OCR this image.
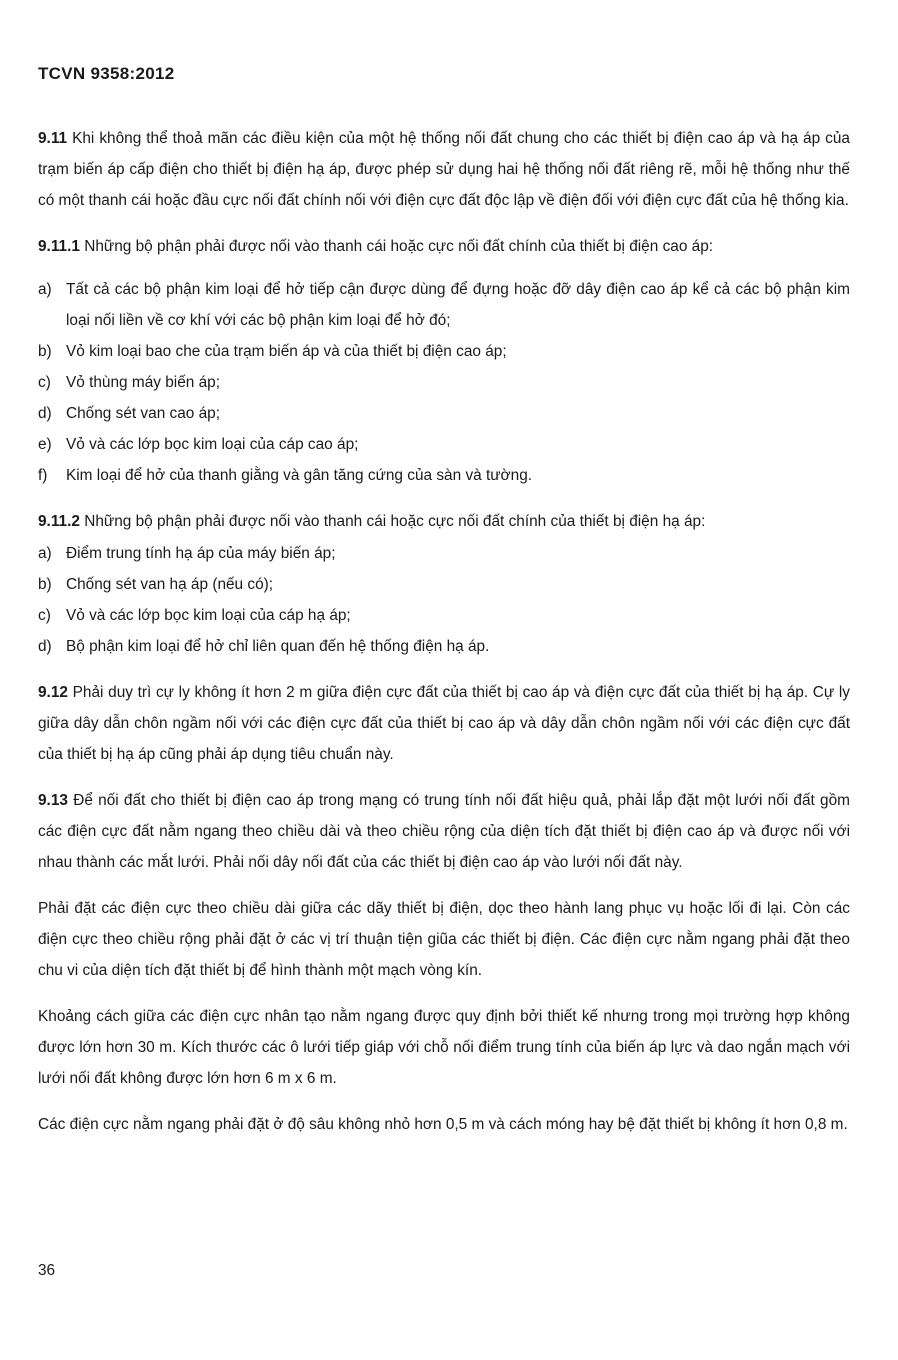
TCVN 9358:2012

9.11 Khi không thể thoả mãn các điều kiện của một hệ thống nối đất chung cho các thiết bị điện cao áp và hạ áp của trạm biến áp cấp điện cho thiết bị điện hạ áp, được phép sử dụng hai hệ thống nối đất riêng rẽ, mỗi hệ thống như thế có một thanh cái hoặc đầu cực nối đất chính nối với điện cực đất độc lập về điện đối với điện cực đất của hệ thống kia.

9.11.1 Những bộ phận phải được nối vào thanh cái hoặc cực nối đất chính của thiết bị điện cao áp:

a) Tất cả các bộ phận kim loại để hở tiếp cận được dùng để đựng hoặc đỡ dây điện cao áp kể cả các bộ phận kim loại nối liền về cơ khí với các bộ phận kim loại để hở đó;
b) Vỏ kim loại bao che của trạm biến áp và của thiết bị điện cao áp;
c) Vỏ thùng máy biến áp;
d) Chống sét van cao áp;
e) Vỏ và các lớp bọc kim loại của cáp cao áp;
f) Kim loại để hở của thanh giằng và gân tăng cứng của sàn và tường.

9.11.2 Những bộ phận phải được nối vào thanh cái hoặc cực nối đất chính của thiết bị điện hạ áp:

a) Điểm trung tính hạ áp của máy biến áp;
b) Chống sét van hạ áp (nếu có);
c) Vỏ và các lớp bọc kim loại của cáp hạ áp;
d) Bộ phận kim loại để hở chỉ liên quan đến hệ thống điện hạ áp.

9.12 Phải duy trì cự ly không ít hơn 2 m giữa điện cực đất của thiết bị cao áp và điện cực đất của thiết bị hạ áp. Cự ly giữa dây dẫn chôn ngầm nối với các điện cực đất của thiết bị cao áp và dây dẫn chôn ngầm nối với các điện cực đất của thiết bị hạ áp cũng phải áp dụng tiêu chuẩn này.

9.13 Để nối đất cho thiết bị điện cao áp trong mạng có trung tính nối đất hiệu quả, phải lắp đặt một lưới nối đất gồm các điện cực đất nằm ngang theo chiều dài và theo chiều rộng của diện tích đặt thiết bị điện cao áp và được nối với nhau thành các mắt lưới. Phải nối dây nối đất của các thiết bị điện cao áp vào lưới nối đất này.

Phải đặt các điện cực theo chiều dài giữa các dãy thiết bị điện, dọc theo hành lang phục vụ hoặc lối đi lại. Còn các điện cực theo chiều rộng phải đặt ở các vị trí thuận tiện giũa các thiết bị điện. Các điện cực nằm ngang phải đặt theo chu vi của diện tích đặt thiết bị để hình thành một mạch vòng kín.

Khoảng cách giữa các điện cực nhân tạo nằm ngang được quy định bởi thiết kế nhưng trong mọi trường hợp không được lớn hơn 30 m. Kích thước các ô lưới tiếp giáp với chỗ nối điểm trung tính của biến áp lực và dao ngắn mạch với lưới nối đất không được lớn hơn 6 m x 6 m.

Các điện cực nằm ngang phải đặt ở độ sâu không nhỏ hơn 0,5 m và cách móng hay bệ đặt thiết bị không ít hơn 0,8 m.

36
